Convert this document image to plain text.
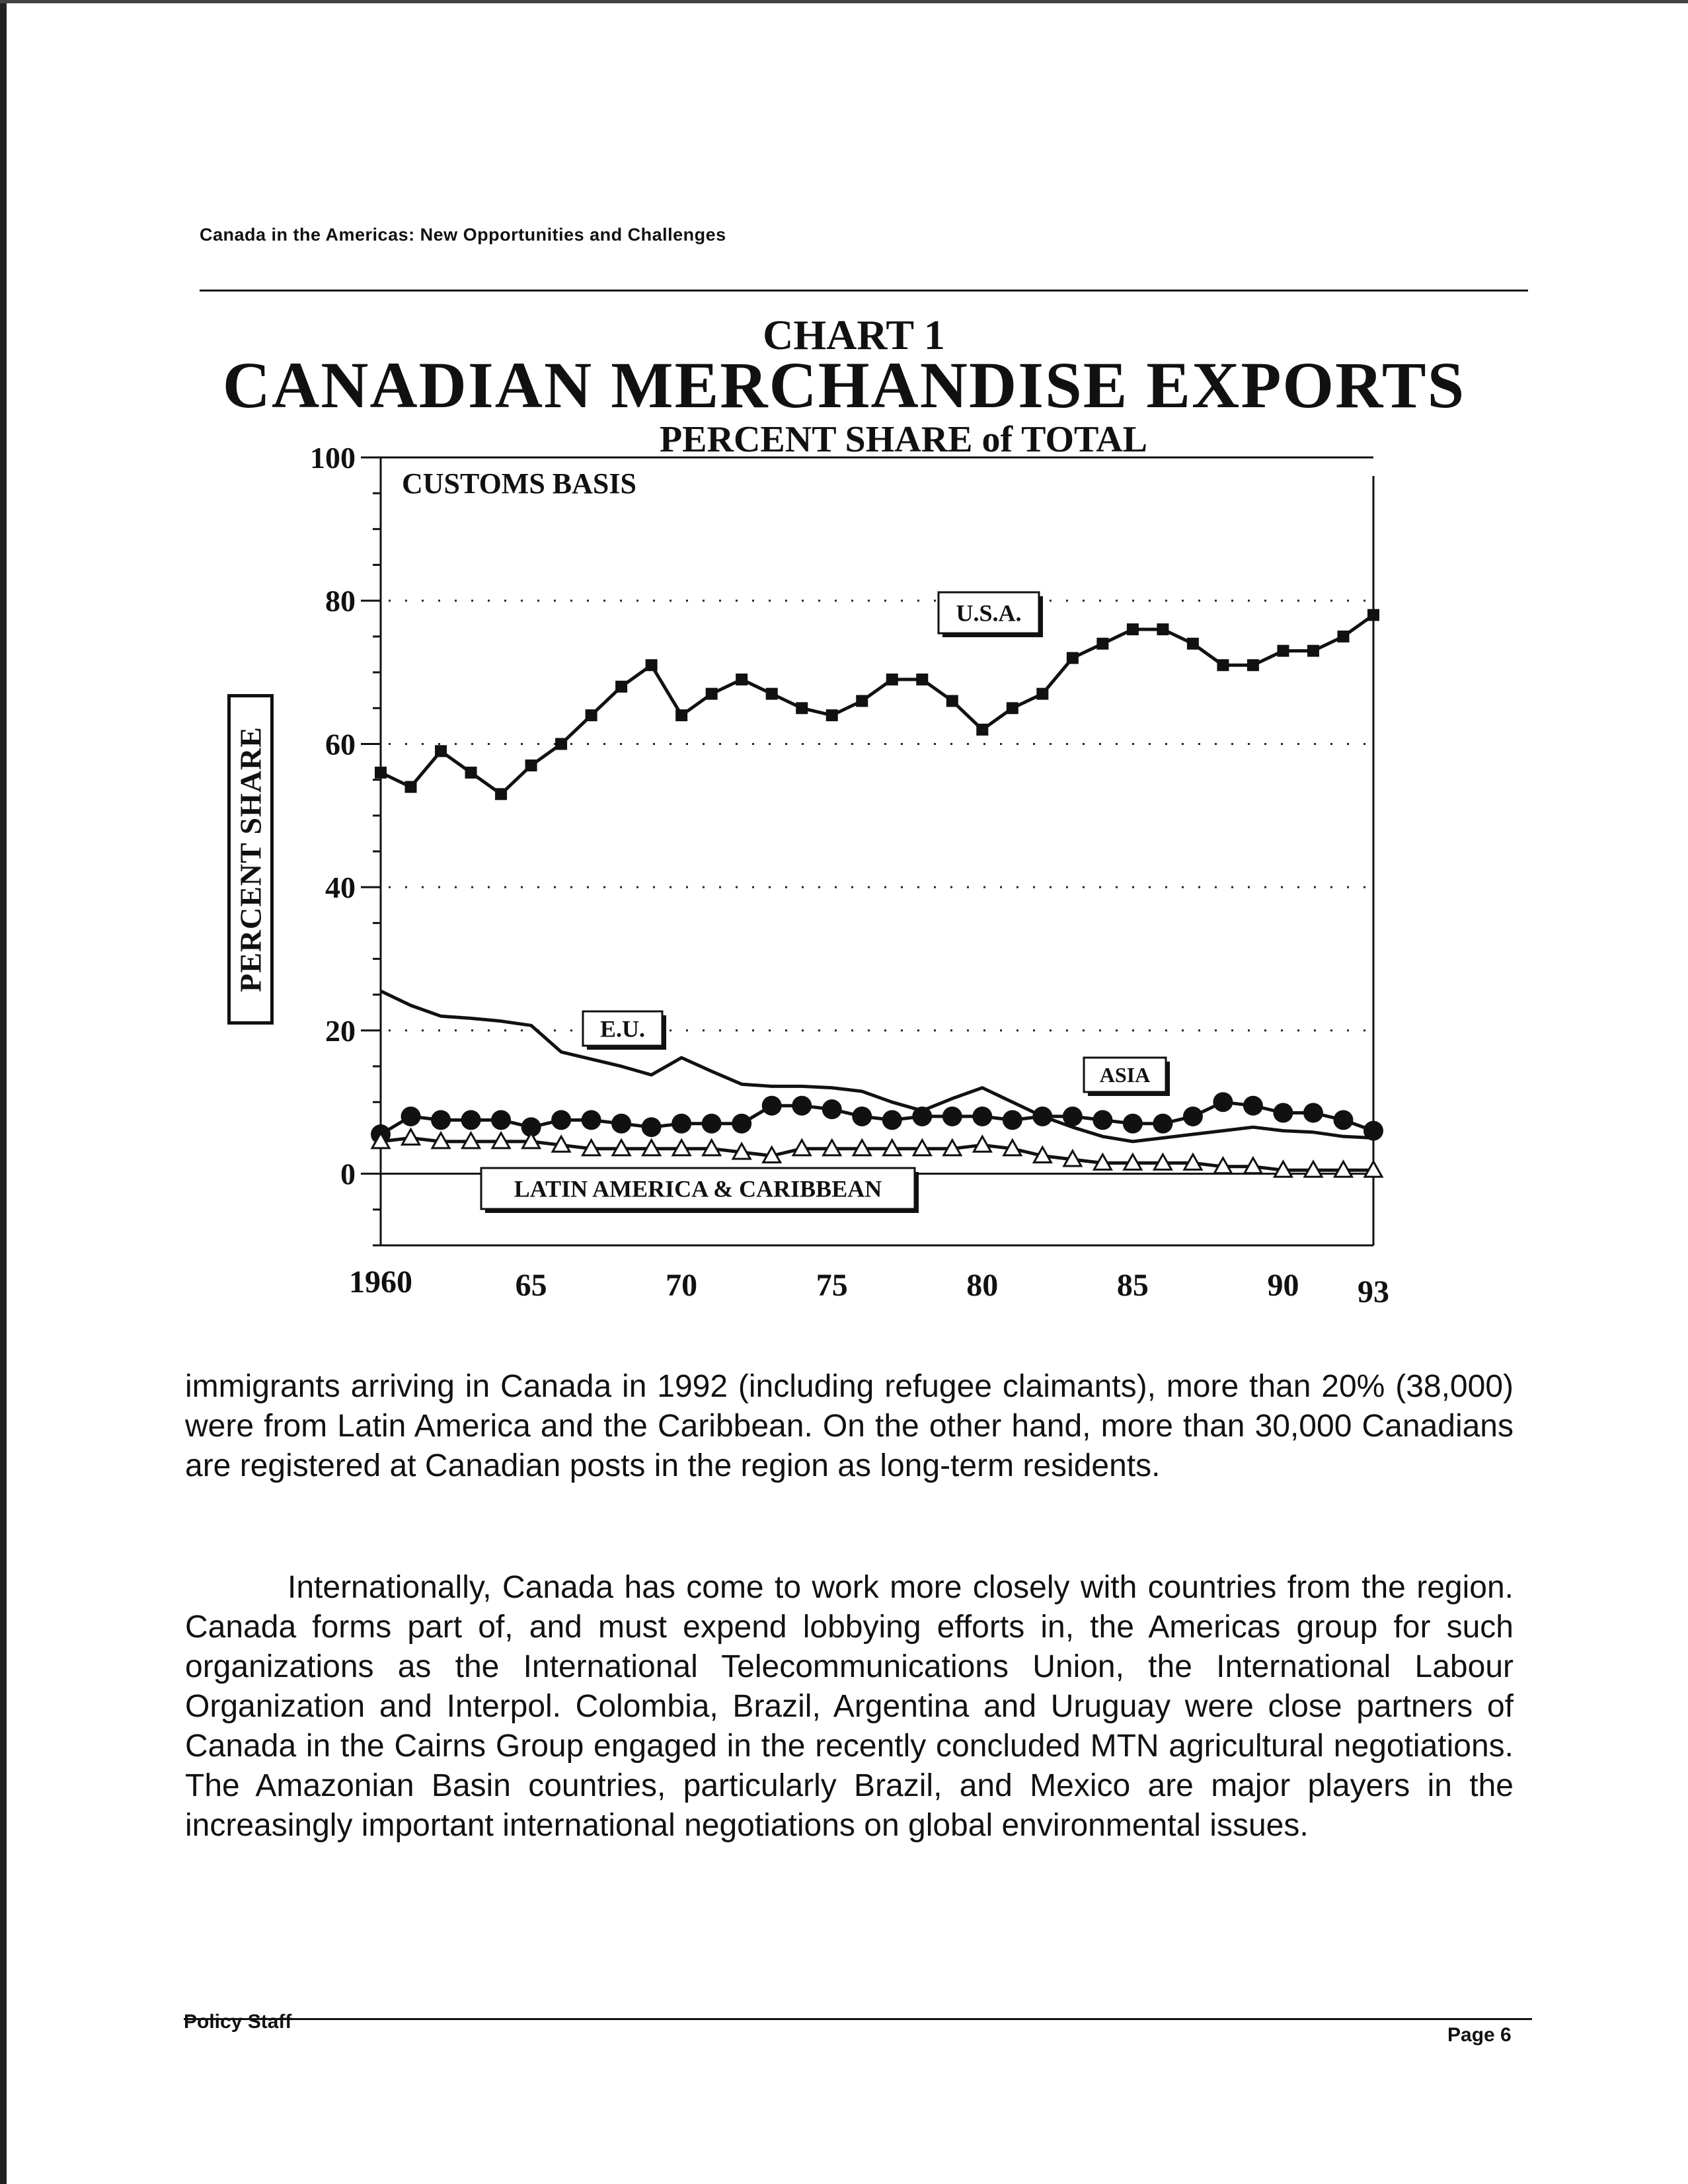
Canada in the Americas: New Opportunities and Challenges
CHART 1
CANADIAN MERCHANDISE EXPORTS
PERCENT SHARE of TOTAL
PERCENT SHARE
0
20
40
60
80
100
1960	65	70	75	80	85	90 93
U.S.A.
E.U.
ASIA
LATIN AMERICA & CARIBBEAN
CUSTOMS BASIS

immigrants arriving in Canada in 1992 (including refugee claimants), more than 20% (38,000) were from Latin America and the Caribbean. On the other hand, more than 30,000 Canadians are registered at Canadian posts in the region as long-term residents.

Internationally, Canada has come to work more closely with countries from the region. Canada forms part of, and must expend lobbying efforts in, the Americas group for such organizations as the International Telecommunications Union, the International Labour Organization and Interpol. Colombia, Brazil, Argentina and Uruguay were close partners of Canada in the Cairns Group engaged in the recently concluded MTN agricultural negotiations. The Amazonian Basin countries, particularly Brazil, and Mexico are major players in the increasingly important international negotiations on global environmental issues.

Policy Staff
Page 6
